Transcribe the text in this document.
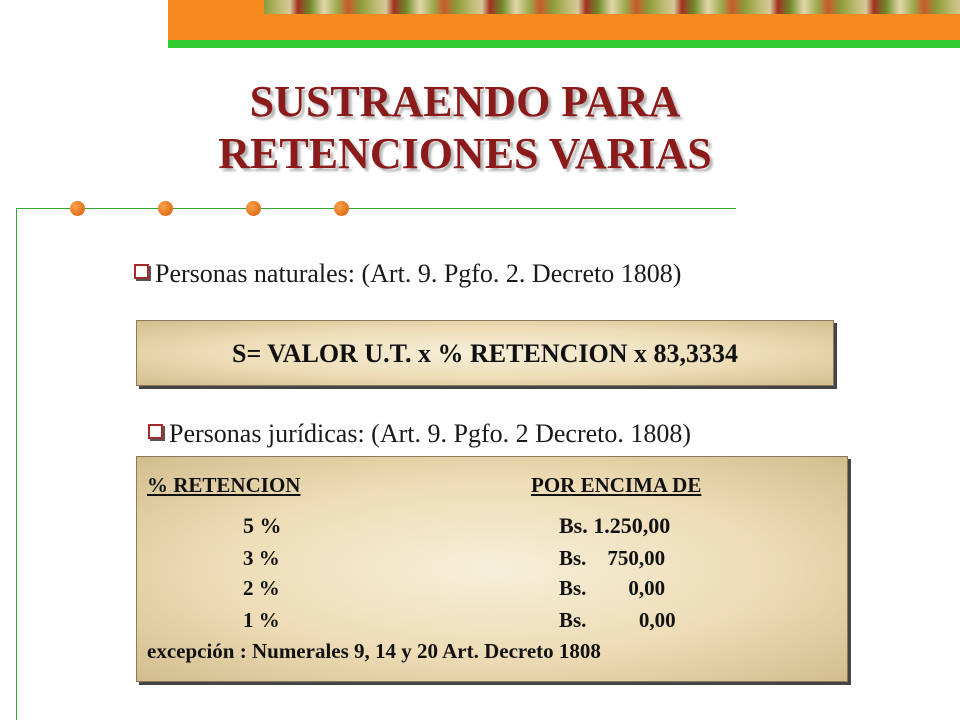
SUSTRAENDO PARA
RETENCIONES VARIAS
Personas naturales: (Art. 9. Pgfo. 2. Decreto 1808)
S= VALOR U.T. x % RETENCION x 83,3334
Personas jurídicas: (Art. 9. Pgfo. 2 Decreto. 1808)
% RETENCION	POR ENCIMA DE
5 %	Bs. 1.250,00
3 %	Bs.    750,00
2 %	Bs.        0,00
1 %	Bs.          0,00
excepción : Numerales 9, 14 y 20 Art. Decreto 1808
